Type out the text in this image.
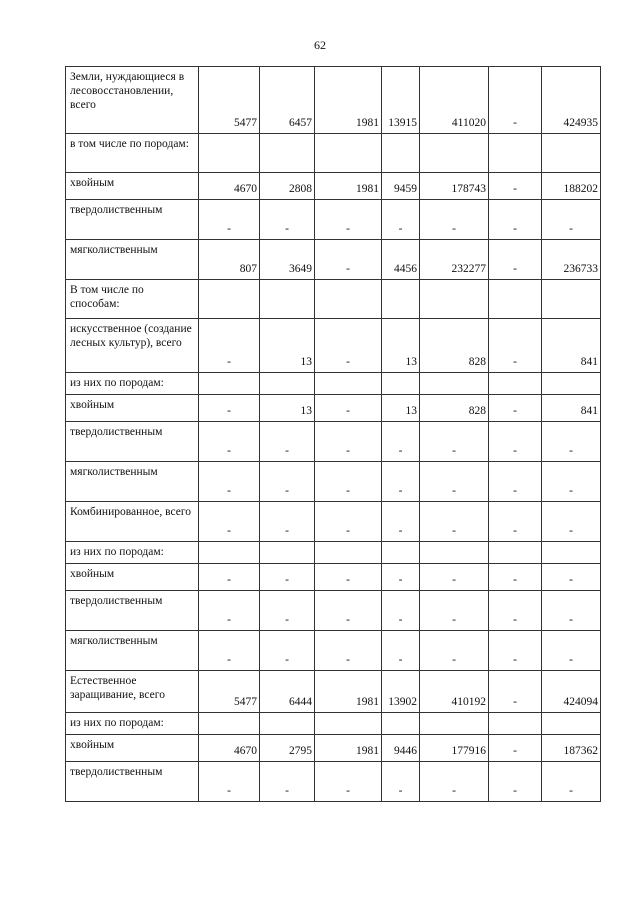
62
Земли, нуждающиеся в лесовосстановлении, всего	5477	6457	1981	13915	411020	-	424935
в том числе по породам:							
хвойным	4670	2808	1981	9459	178743	-	188202
твердолиственным	-	-	-	-	-	-	-
мягколиственным	807	3649	-	4456	232277	-	236733
В том числе по способам:							
искусственное (создание лесных культур), всего	-	13	-	13	828	-	841
из них по породам:							
хвойным	-	13	-	13	828	-	841
твердолиственным	-	-	-	-	-	-	-
мягколиственным	-	-	-	-	-	-	-
Комбинированное, всего	-	-	-	-	-	-	-
из них по породам:							
хвойным	-	-	-	-	-	-	-
твердолиственным	-	-	-	-	-	-	-
мягколиственным	-	-	-	-	-	-	-
Естественное заращивание, всего	5477	6444	1981	13902	410192	-	424094
из них по породам:							
хвойным	4670	2795	1981	9446	177916	-	187362
твердолиственным	-	-	-	-	-	-	-
